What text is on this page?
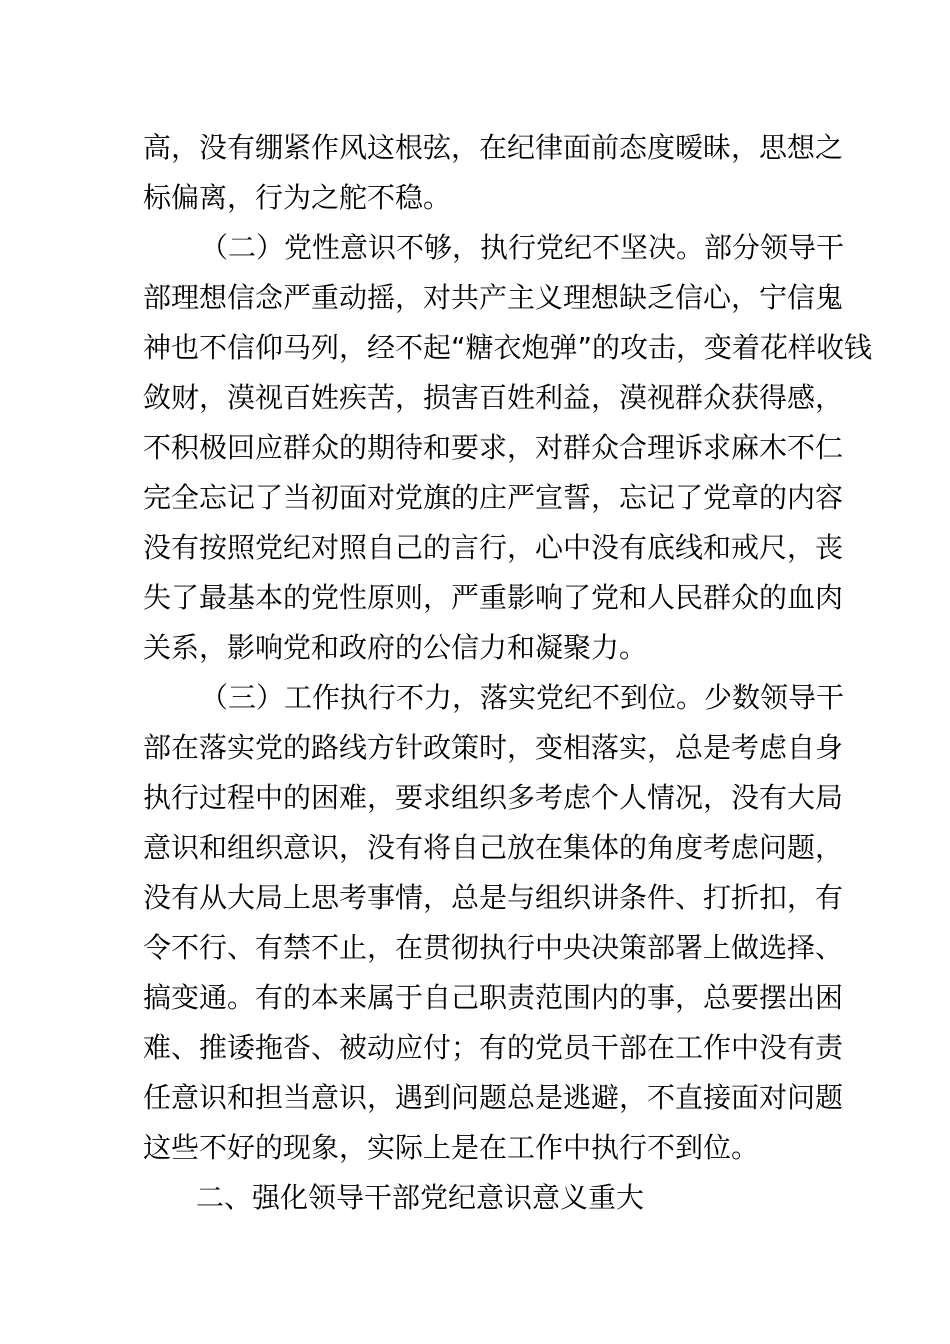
高，没有绷紧作风这根弦，在纪律面前态度暧昧，思想之
标偏离，行为之舵不稳。
（二）党性意识不够，执行党纪不坚决。部分领导干
部理想信念严重动摇，对共产主义理想缺乏信心，宁信鬼
神也不信仰马列，经不起“糖衣炮弹”的攻击，变着花样收钱
敛财，漠视百姓疾苦，损害百姓利益，漠视群众获得感，
不积极回应群众的期待和要求，对群众合理诉求麻木不仁
完全忘记了当初面对党旗的庄严宣誓，忘记了党章的内容
没有按照党纪对照自己的言行，心中没有底线和戒尺，丧
失了最基本的党性原则，严重影响了党和人民群众的血肉
关系，影响党和政府的公信力和凝聚力。
（三）工作执行不力，落实党纪不到位。少数领导干
部在落实党的路线方针政策时，变相落实，总是考虑自身
执行过程中的困难，要求组织多考虑个人情况，没有大局
意识和组织意识，没有将自己放在集体的角度考虑问题，
没有从大局上思考事情，总是与组织讲条件、打折扣，有
令不行、有禁不止，在贯彻执行中央决策部署上做选择、
搞变通。有的本来属于自己职责范围内的事，总要摆出困
难、推诿拖沓、被动应付；有的党员干部在工作中没有责
任意识和担当意识，遇到问题总是逃避，不直接面对问题
这些不好的现象，实际上是在工作中执行不到位。
二、强化领导干部党纪意识意义重大
